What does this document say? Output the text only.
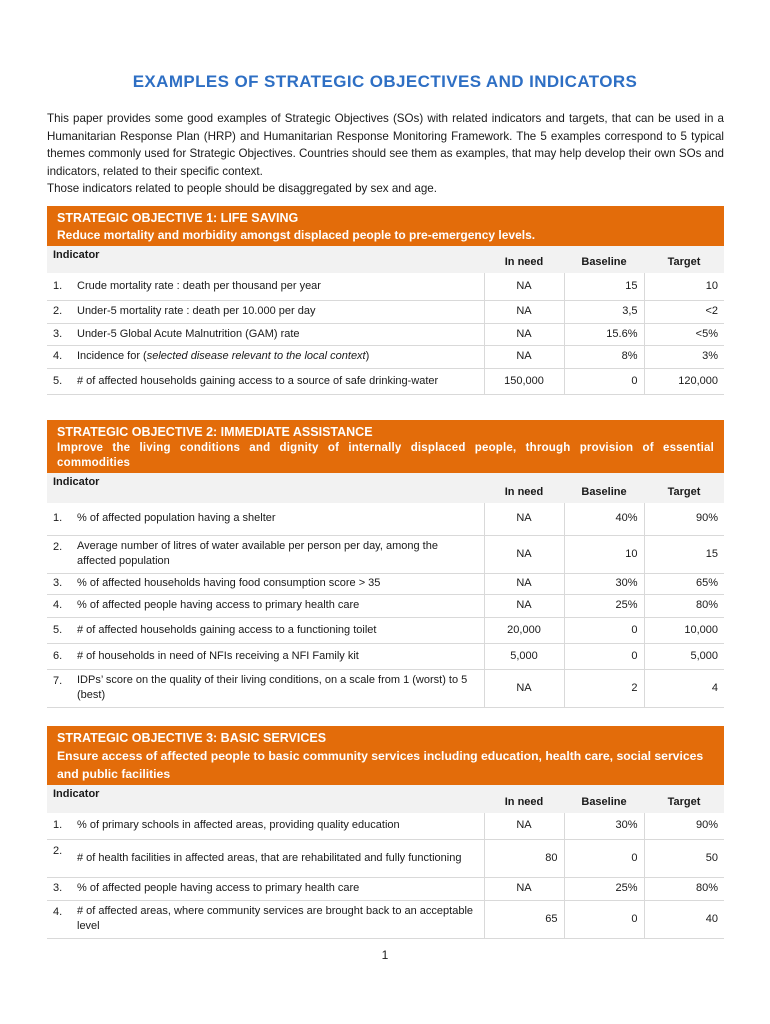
EXAMPLES OF STRATEGIC OBJECTIVES AND INDICATORS

This paper provides some good examples of Strategic Objectives (SOs) with related indicators and targets, that can be used in a Humanitarian Response Plan (HRP) and Humanitarian Response Monitoring Framework. The 5 examples correspond to 5 typical themes commonly used for Strategic Objectives. Countries should see them as examples, that may help develop their own SOs and indicators, related to their specific context.

Those indicators related to people should be disaggregated by sex and age.

STRATEGIC OBJECTIVE 1: LIFE SAVING
Reduce mortality and morbidity amongst displaced people to pre-emergency levels.
Indicator		In need	Baseline	Target
1.	Crude mortality rate : death per thousand per year	NA	15	10
2.	Under-5 mortality rate : death per 10.000 per day	NA	3,5	<2
3.	Under-5 Global Acute Malnutrition (GAM) rate	NA	15.6%	<5%
4.	Incidence for (selected disease relevant to the local context)	NA	8%	3%
5.	# of affected households gaining access to a source of safe drinking-water	150,000	0	120,000
STRATEGIC OBJECTIVE 2: IMMEDIATE ASSISTANCE
Improve the living conditions and dignity of internally displaced people, through provision of essential commodities
Indicator		In need	Baseline	Target
1.	% of affected population having a shelter	NA	40%	90%
2.	Average number of litres of water available per person per day, among the affected population	NA	10	15
3.	% of affected households having food consumption score > 35	NA	30%	65%
4.	% of affected people having access to primary health care	NA	25%	80%
5.	# of affected households gaining access to a functioning toilet	20,000	0	10,000
6.	# of households in need of NFIs receiving a NFI Family kit	5,000	0	5,000
7.	IDPs’ score on the quality of their living conditions, on a scale from 1 (worst) to 5 (best)	NA	2	4
STRATEGIC OBJECTIVE 3: BASIC SERVICES
Ensure access of affected people to basic community services including education, health care, social services and public facilities
Indicator		In need	Baseline	Target
1.	% of primary schools in affected areas, providing quality education	NA	30%	90%
2.	# of health facilities in affected areas, that are rehabilitated and fully functioning	80	0	50
3.	% of affected people having access to primary health care	NA	25%	80%
4.	# of affected areas, where community services are brought back to an acceptable level	65	0	40
1
